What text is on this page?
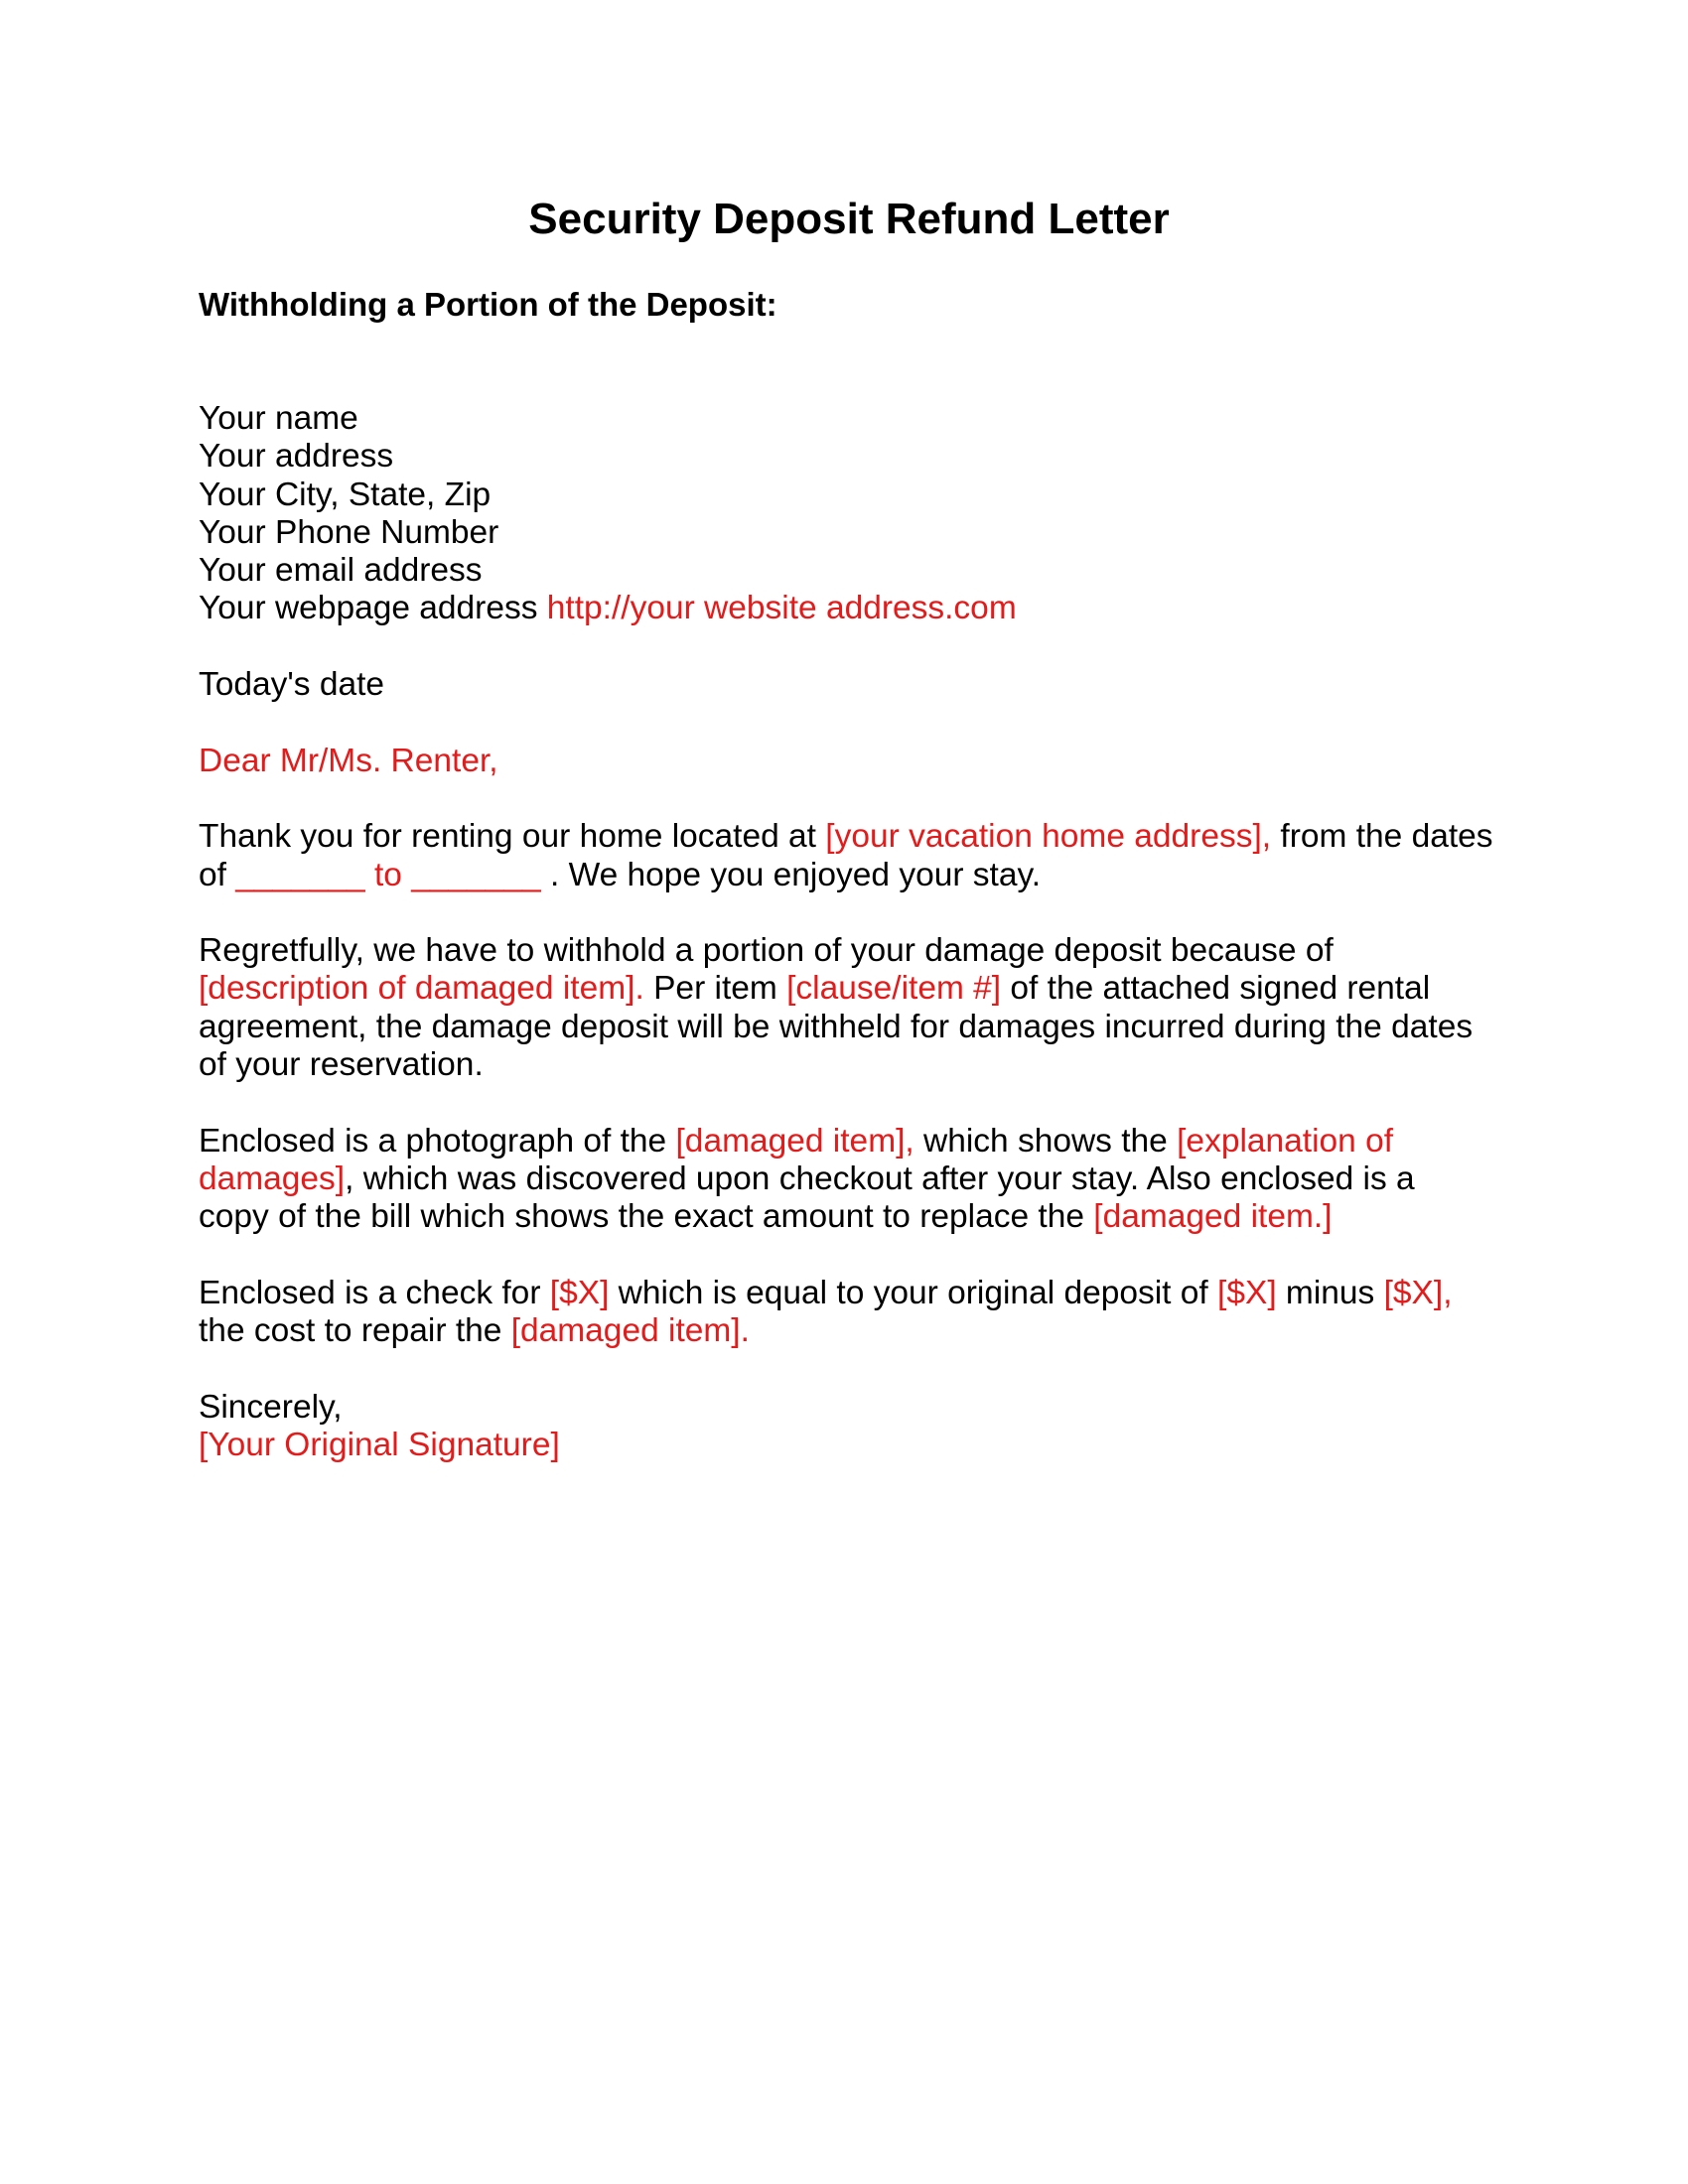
Security Deposit Refund Letter
Withholding a Portion of the Deposit:
Your name
Your address
Your City, State, Zip
Your Phone Number
Your email address
Your webpage address http://your website address.com
Today's date
Dear Mr/Ms. Renter,
Thank you for renting our home located at [your vacation home address], from the dates
of _______ to _______ . We hope you enjoyed your stay.
Regretfully, we have to withhold a portion of your damage deposit because of
[description of damaged item]. Per item [clause/item #] of the attached signed rental
agreement, the damage deposit will be withheld for damages incurred during the dates
of your reservation.
Enclosed is a photograph of the [damaged item], which shows the [explanation of
damages], which was discovered upon checkout after your stay. Also enclosed is a
copy of the bill which shows the exact amount to replace the [damaged item.]
Enclosed is a check for [$X] which is equal to your original deposit of [$X] minus [$X],
the cost to repair the [damaged item].
Sincerely,
[Your Original Signature]
